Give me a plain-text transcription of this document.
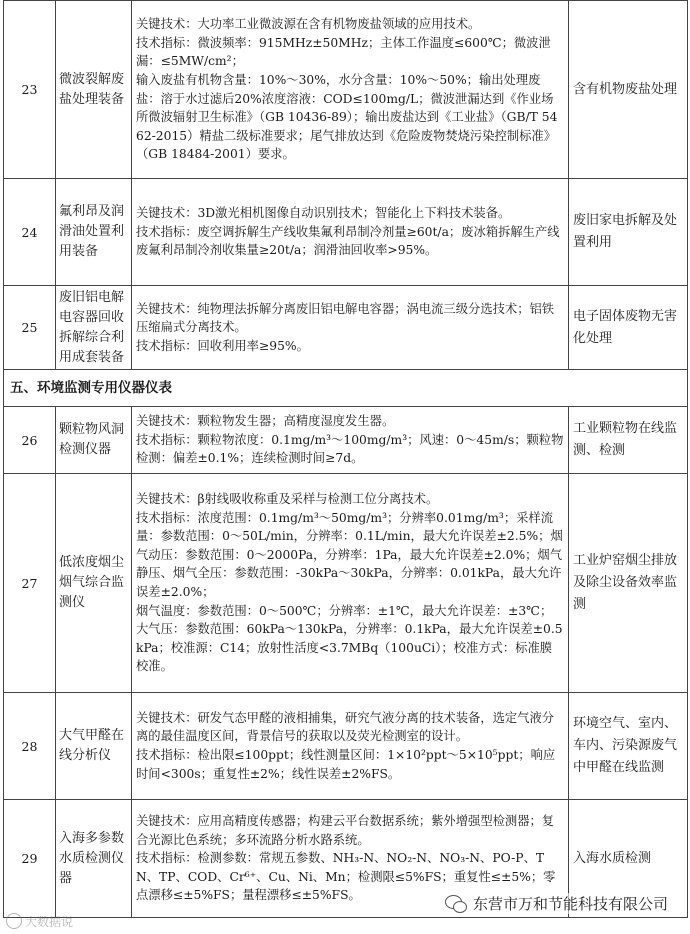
23	微波裂解废盐处理装备	关键技术：大功率工业微波源在含有机物废盐领域的应用技术。
技术指标：微波频率：915MHz±50MHz；主体工作温度≤600℃；微波泄漏：≤5MW/cm²；
输入废盐有机物含量：10%～30%，水分含量：10%～50%；输出处理废盐：溶于水过滤后20%浓度溶液：COD≤100mg/L；微波泄漏达到《作业场所微波辐射卫生标准》（GB 10436-89）；输出废盐达到《工业盐》（GB/T 5462-2015）精盐二级标准要求；尾气排放达到《危险废物焚烧污染控制标准》（GB 18484-2001）要求。	含有机物废盐处理
24	氟利昂及润滑油处置利用装备	关键技术：3D激光相机图像自动识别技术；智能化上下料技术装备。
技术指标：废空调拆解生产线收集氟利昂制冷剂量≥60t/a；废冰箱拆解生产线废氟利昂制冷剂收集量≥20t/a；润滑油回收率>95%。	废旧家电拆解及处置利用
25	废旧铝电解电容器回收拆解综合利用成套装备	关键技术：纯物理法拆解分离废旧铝电解电容器；涡电流三级分选技术；铝铁压缩扁式分离技术。
技术指标：回收利用率≥95%。	电子固体废物无害化处理
五、环境监测专用仪器仪表			
26	颗粒物风洞检测仪器	关键技术：颗粒物发生器；高精度湿度发生器。
技术指标：颗粒物浓度：0.1mg/m³～100mg/m³；风速：0～45m/s；颗粒物检测：偏差±0.1%；连续检测时间≥7d。	工业颗粒物在线监测、检测
27	低浓度烟尘烟气综合监测仪	关键技术：β射线吸收称重及采样与检测工位分离技术。
技术指标：浓度范围：0.1mg/m³～50mg/m³；分辨率0.01mg/m³；采样流量：参数范围：0～50L/min，分辨率：0.1L/min，最大允许误差±2.5%；烟气动压：参数范围：0～2000Pa，分辨率：1Pa，最大允许误差±2.0%；烟气静压、烟气全压：参数范围：-30kPa～30kPa，分辨率：0.01kPa，最大允许误差±2.0%；
烟气温度：参数范围：0～500℃；分辨率：±1℃，最大允许误差：±3℃；大气压：参数范围：60kPa～130kPa，分辨率：0.1kPa，最大允许误差±0.5kPa；校准源：C14；放射性活度<3.7MBq（100uCi）；校准方式：标准膜校准。	工业炉窑烟尘排放及除尘设备效率监测
28	大气甲醛在线分析仪	关键技术：研发气态甲醛的液相捕集，研究气液分离的技术装备，选定气液分离的最佳温度区间，背景信号的获取以及荧光检测室的设计。
技术指标：检出限≤100ppt；线性测量区间：1×10²ppt～5×10⁵ppt；响应时间<300s；重复性±2%；线性误差±2%FS。	环境空气、室内、车内、污染源废气中甲醛在线监测
29	入海多参数水质检测仪器	关键技术：应用高精度传感器；构建云平台数据系统；紫外增强型检测器；复合光源比色系统；多环流路分析水路系统。
技术指标：检测参数：常规五参数、NH₃-N、NO₂-N、NO₃-N、PO-P、TN、TP、COD、Cr⁶⁺、Cu、Ni、Mn；检测限≤5%FS；重复性≤±5%；零点漂移≤±5%FS；量程漂移≤±5%FS。	入海水质检测
大数据说
东营市万和节能科技有限公司
